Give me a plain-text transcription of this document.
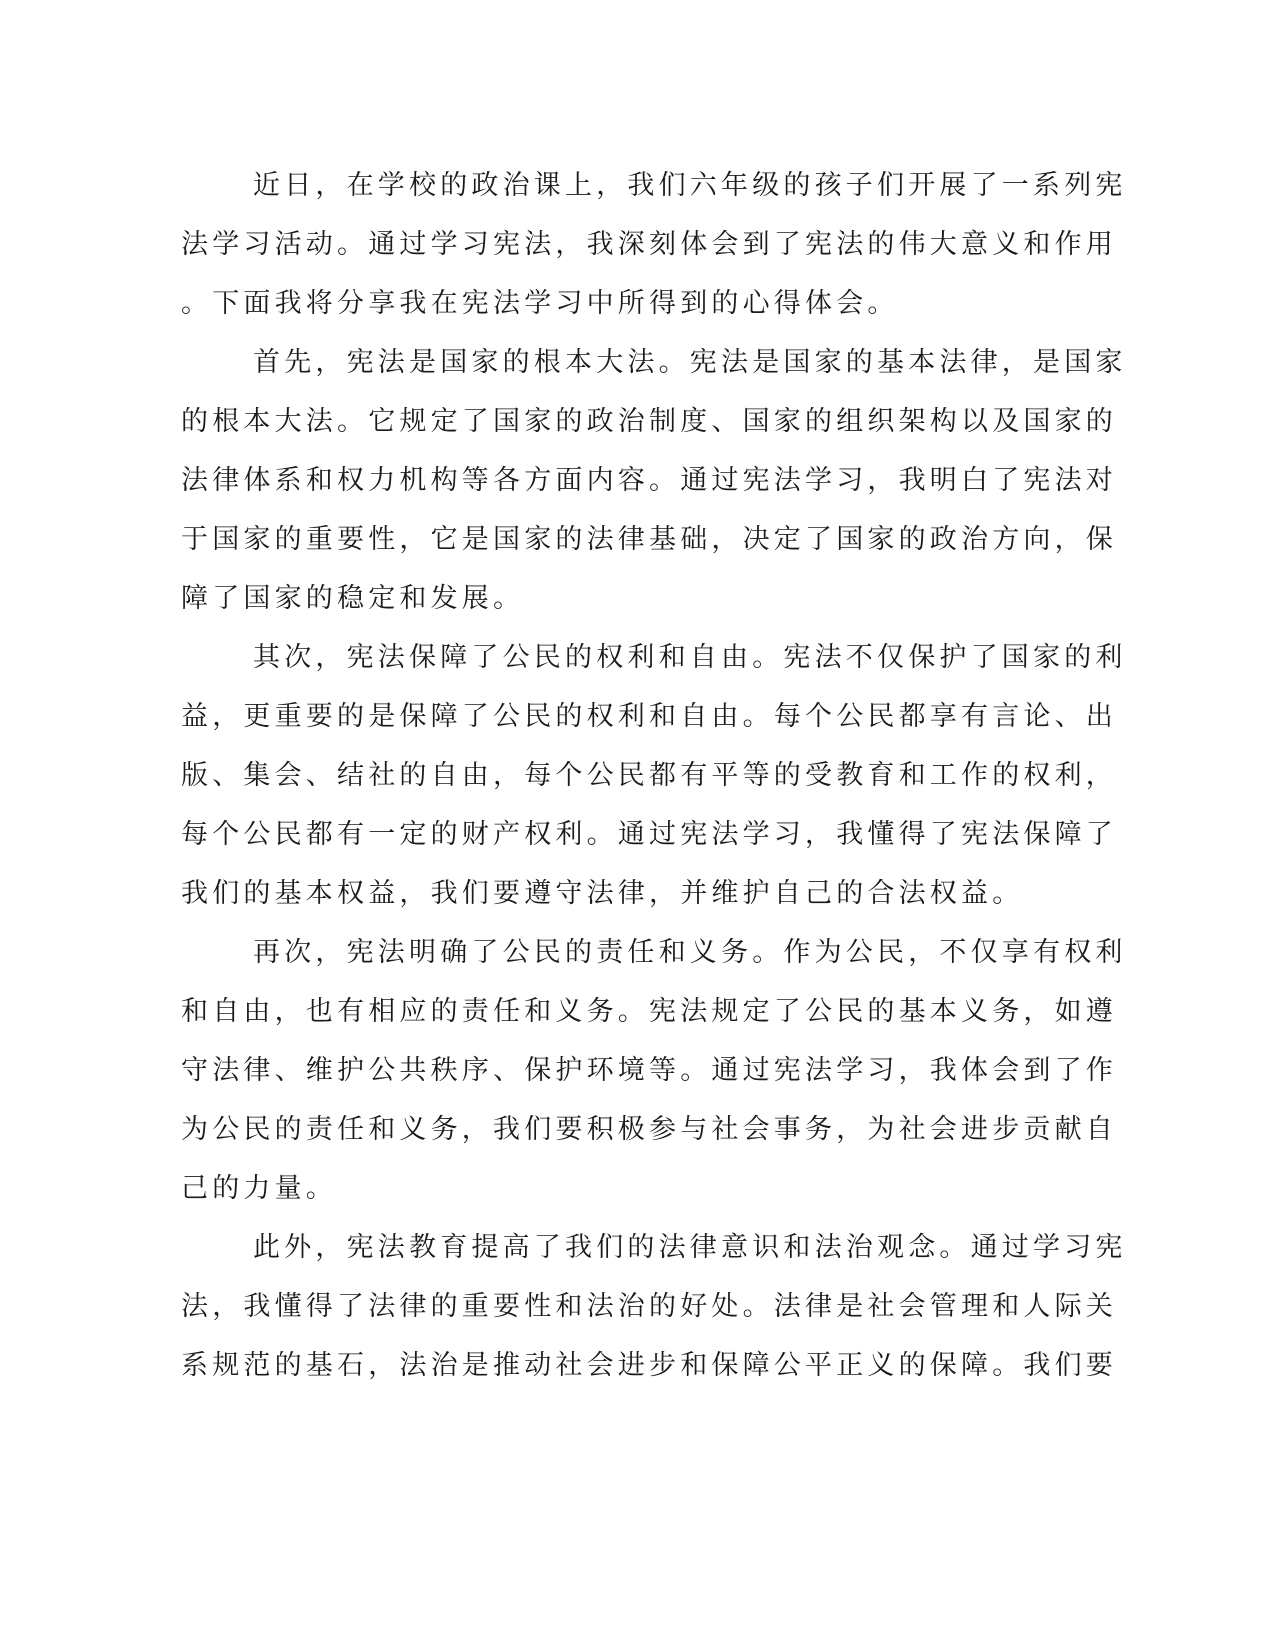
近日，在学校的政治课上，我们六年级的孩子们开展了一系列宪
法学习活动。通过学习宪法，我深刻体会到了宪法的伟大意义和作用
。下面我将分享我在宪法学习中所得到的心得体会。
首先，宪法是国家的根本大法。宪法是国家的基本法律，是国家
的根本大法。它规定了国家的政治制度、国家的组织架构以及国家的
法律体系和权力机构等各方面内容。通过宪法学习，我明白了宪法对
于国家的重要性，它是国家的法律基础，决定了国家的政治方向，保
障了国家的稳定和发展。
其次，宪法保障了公民的权利和自由。宪法不仅保护了国家的利
益，更重要的是保障了公民的权利和自由。每个公民都享有言论、出
版、集会、结社的自由，每个公民都有平等的受教育和工作的权利，
每个公民都有一定的财产权利。通过宪法学习，我懂得了宪法保障了
我们的基本权益，我们要遵守法律，并维护自己的合法权益。
再次，宪法明确了公民的责任和义务。作为公民，不仅享有权利
和自由，也有相应的责任和义务。宪法规定了公民的基本义务，如遵
守法律、维护公共秩序、保护环境等。通过宪法学习，我体会到了作
为公民的责任和义务，我们要积极参与社会事务，为社会进步贡献自
己的力量。
此外，宪法教育提高了我们的法律意识和法治观念。通过学习宪
法，我懂得了法律的重要性和法治的好处。法律是社会管理和人际关
系规范的基石，法治是推动社会进步和保障公平正义的保障。我们要
